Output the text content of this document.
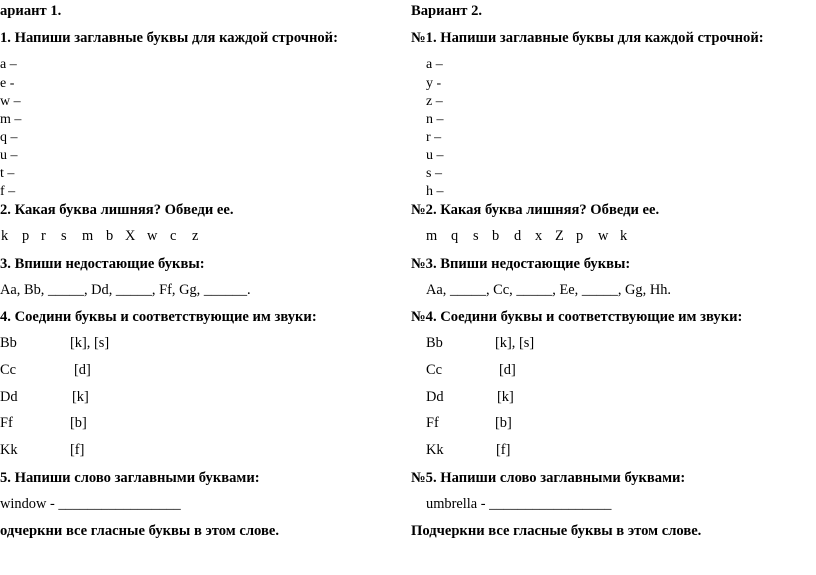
ариант 1.
1. Напиши заглавные буквы для каждой строчной:
a –
e -
w –
m –
q –
u –
t –
f –
2. Какая буква лишняя? Обведи ее.
k p r s m b X w c z
3. Впиши недостающие буквы:
Aa, Bb, _____, Dd, _____, Ff, Gg, ______.
4. Соедини буквы и соответствующие им звуки:
Bb	[k], [s]
Cc	[d]
Dd	[k]
Ff	[b]
Kk	[f]
5. Напиши слово заглавными буквами:
window - _________________
одчеркни все гласные буквы в этом слове.
Вариант 2.
№1. Напиши заглавные буквы для каждой строчной:
a –
y -
z –
n –
r –
u –
s –
h –
№2. Какая буква лишняя? Обведи ее.
m q s b d x Z p w k
№3. Впиши недостающие буквы:
Aa, _____, Cc, _____, Ee, _____, Gg, Hh.
№4. Соедини буквы и соответствующие им звуки:
Bb	[k], [s]
Cc	[d]
Dd	[k]
Ff	[b]
Kk	[f]
№5. Напиши слово заглавными буквами:
umbrella - _________________
Подчеркни все гласные буквы в этом слове.
